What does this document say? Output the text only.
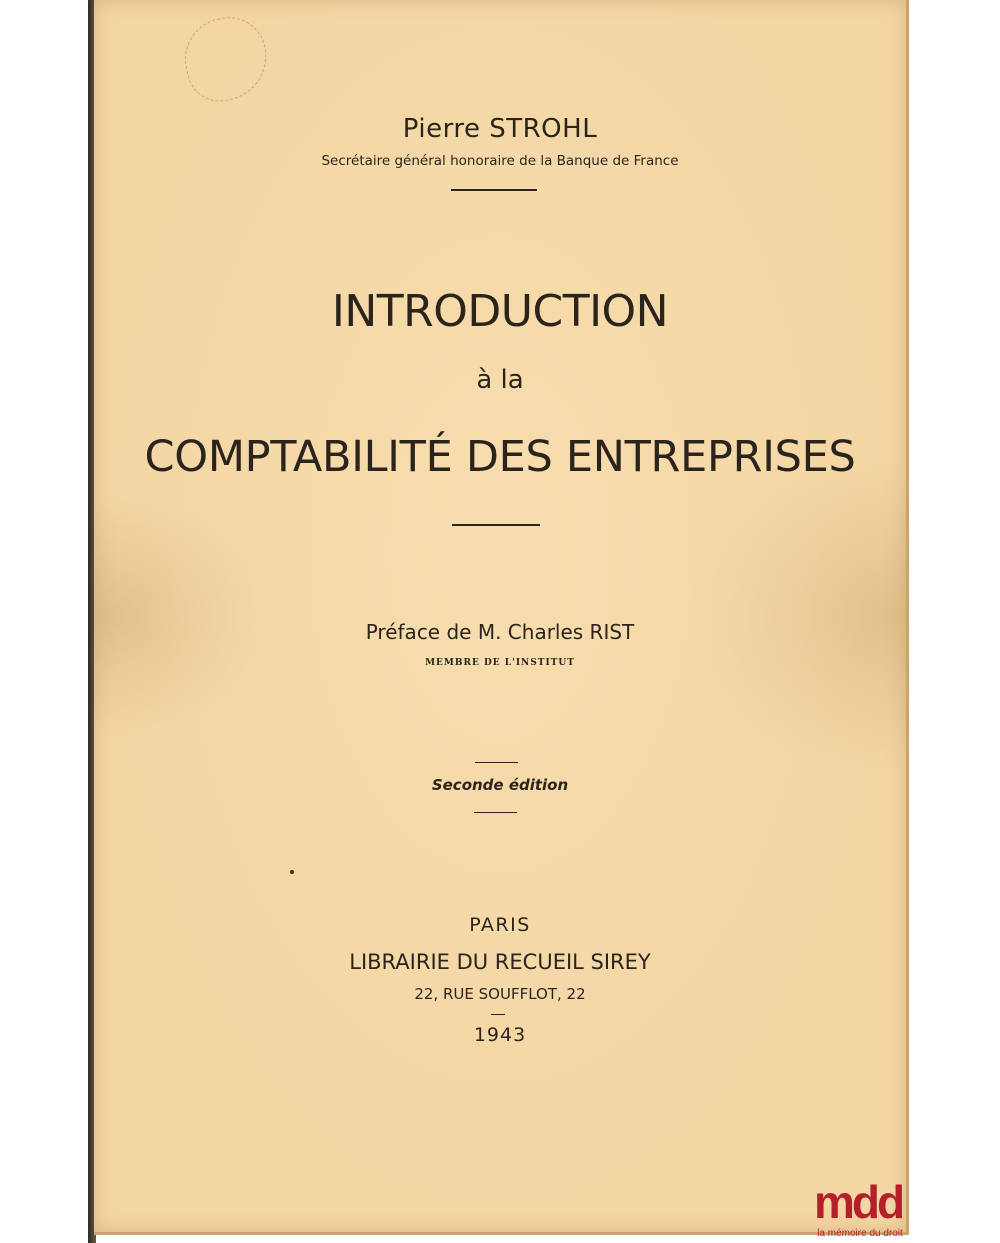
Pierre STROHL
Secrétaire général honoraire de la Banque de France
INTRODUCTION
à la
COMPTABILITÉ DES ENTREPRISES
Préface de M. Charles RIST
MEMBRE DE L'INSTITUT
Seconde édition
PARIS
LIBRAIRIE DU RECUEIL SIREY
22, RUE SOUFFLOT, 22
1943
mdd
la mémoire du droit
